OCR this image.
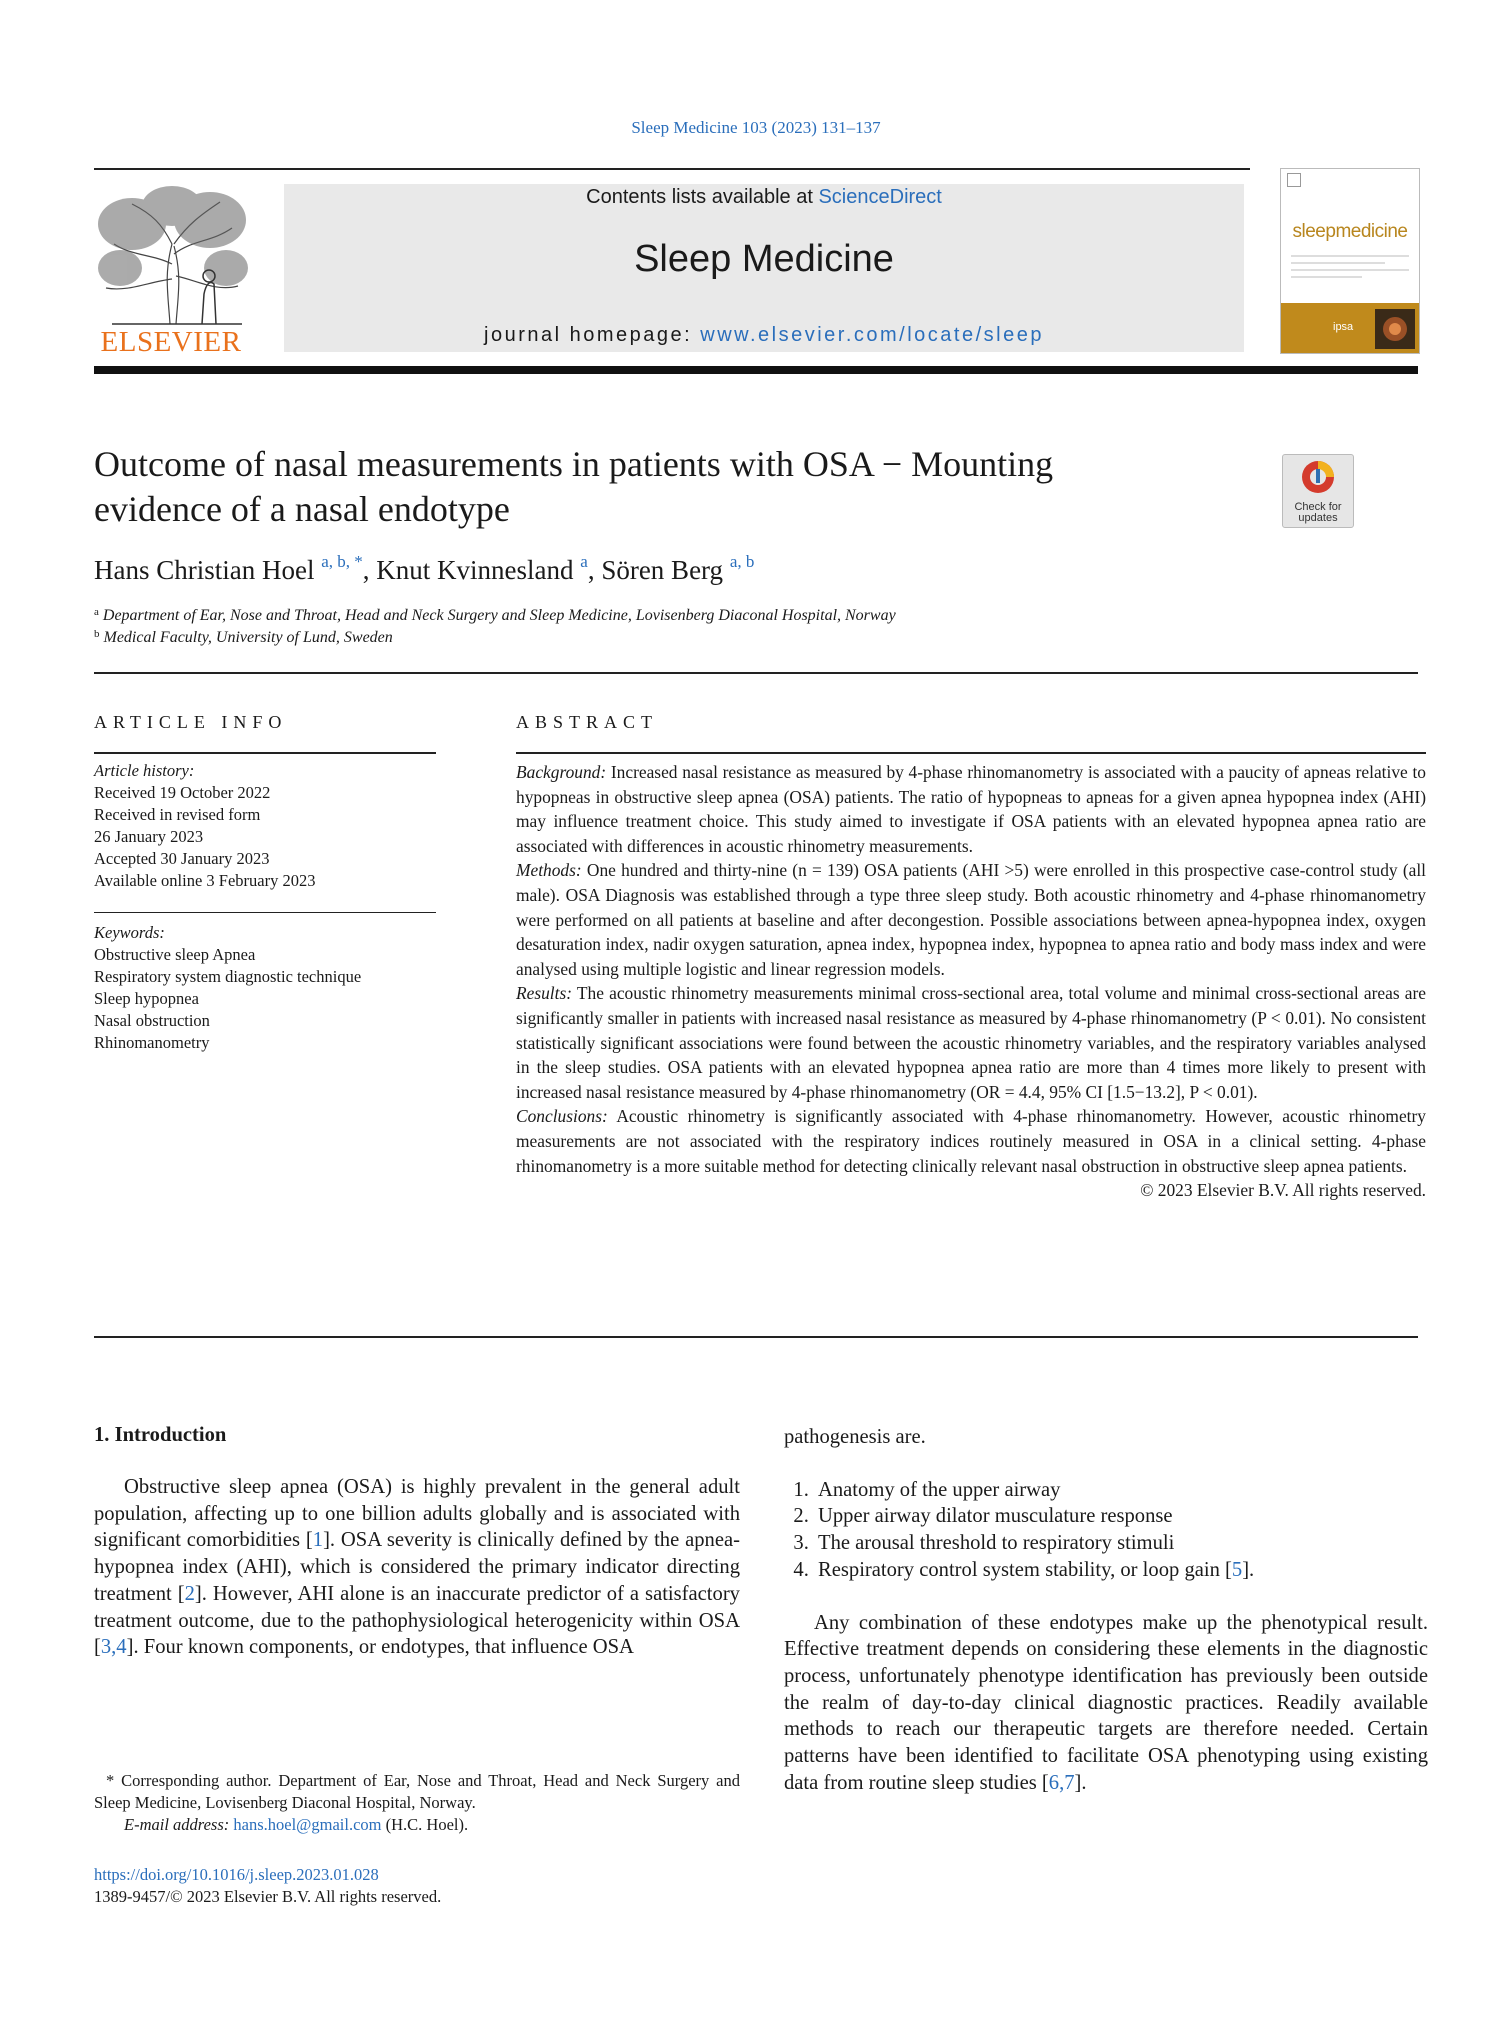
Sleep Medicine 103 (2023) 131–137
ELSEVIER
Contents lists available at ScienceDirect
Sleep Medicine
journal homepage: www.elsevier.com/locate/sleep
sleepmedicine
ipsa
Outcome of nasal measurements in patients with OSA − Mounting
evidence of a nasal endotype	Check for
updates
Hans Christian Hoel $^{a, b, *}$, Knut Kvinnesland $^a$, Sören Berg $^{a, b}$
$^a$ Department of Ear, Nose and Throat, Head and Neck Surgery and Sleep Medicine, Lovisenberg Diaconal Hospital, Norway
$^b$ Medical Faculty, University of Lund, Sweden
ARTICLE INFO
Article history:
Received 19 October 2022
Received in revised form
26 January 2023
Accepted 30 January 2023
Available online 3 February 2023
Keywords:
Obstructive sleep Apnea
Respiratory system diagnostic technique
Sleep hypopnea
Nasal obstruction
Rhinomanometry
ABSTRACT

Background: Increased nasal resistance as measured by 4-phase rhinomanometry is associated with a paucity of apneas relative to hypopneas in obstructive sleep apnea (OSA) patients. The ratio of hypopneas to apneas for a given apnea hypopnea index (AHI) may influence treatment choice. This study aimed to investigate if OSA patients with an elevated hypopnea apnea ratio are associated with differences in acoustic rhinometry measurements.

Methods: One hundred and thirty-nine (n = 139) OSA patients (AHI >5) were enrolled in this prospective case-control study (all male). OSA Diagnosis was established through a type three sleep study. Both acoustic rhinometry and 4-phase rhinomanometry were performed on all patients at baseline and after decongestion. Possible associations between apnea-hypopnea index, oxygen desaturation index, nadir oxygen saturation, apnea index, hypopnea index, hypopnea to apnea ratio and body mass index and were analysed using multiple logistic and linear regression models.

Results: The acoustic rhinometry measurements minimal cross-sectional area, total volume and minimal cross-sectional areas are significantly smaller in patients with increased nasal resistance as measured by 4-phase rhinomanometry (P < 0.01). No consistent statistically significant associations were found between the acoustic rhinometry variables, and the respiratory variables analysed in the sleep studies. OSA patients with an elevated hypopnea apnea ratio are more than 4 times more likely to present with increased nasal resistance measured by 4-phase rhinomanometry (OR = 4.4, 95% CI [1.5−13.2], P < 0.01).

Conclusions: Acoustic rhinometry is significantly associated with 4-phase rhinomanometry. However, acoustic rhinometry measurements are not associated with the respiratory indices routinely measured in OSA in a clinical setting. 4-phase rhinomanometry is a more suitable method for detecting clinically relevant nasal obstruction in obstructive sleep apnea patients.

© 2023 Elsevier B.V. All rights reserved.

1. Introduction

Obstructive sleep apnea (OSA) is highly prevalent in the general adult population, affecting up to one billion adults globally and is associated with significant comorbidities [1]. OSA severity is clinically defined by the apnea-hypopnea index (AHI), which is considered the primary indicator directing treatment [2]. However, AHI alone is an inaccurate predictor of a satisfactory treatment outcome, due to the pathophysiological heterogenicity within OSA [3,4]. Four known components, or endotypes, that influence OSA

* Corresponding author. Department of Ear, Nose and Throat, Head and Neck Surgery and Sleep Medicine, Lovisenberg Diaconal Hospital, Norway.
E-mail address: hans.hoel@gmail.com (H.C. Hoel).
https://doi.org/10.1016/j.sleep.2023.01.028
1389-9457/© 2023 Elsevier B.V. All rights reserved.

pathogenesis are.

1. Anatomy of the upper airway
2. Upper airway dilator musculature response
3. The arousal threshold to respiratory stimuli
4. Respiratory control system stability, or loop gain [5].

Any combination of these endotypes make up the phenotypical result. Effective treatment depends on considering these elements in the diagnostic process, unfortunately phenotype identification has previously been outside the realm of day-to-day clinical diagnostic practices. Readily available methods to reach our therapeutic targets are therefore needed. Certain patterns have been identified to facilitate OSA phenotyping using existing data from routine sleep studies [6,7].
